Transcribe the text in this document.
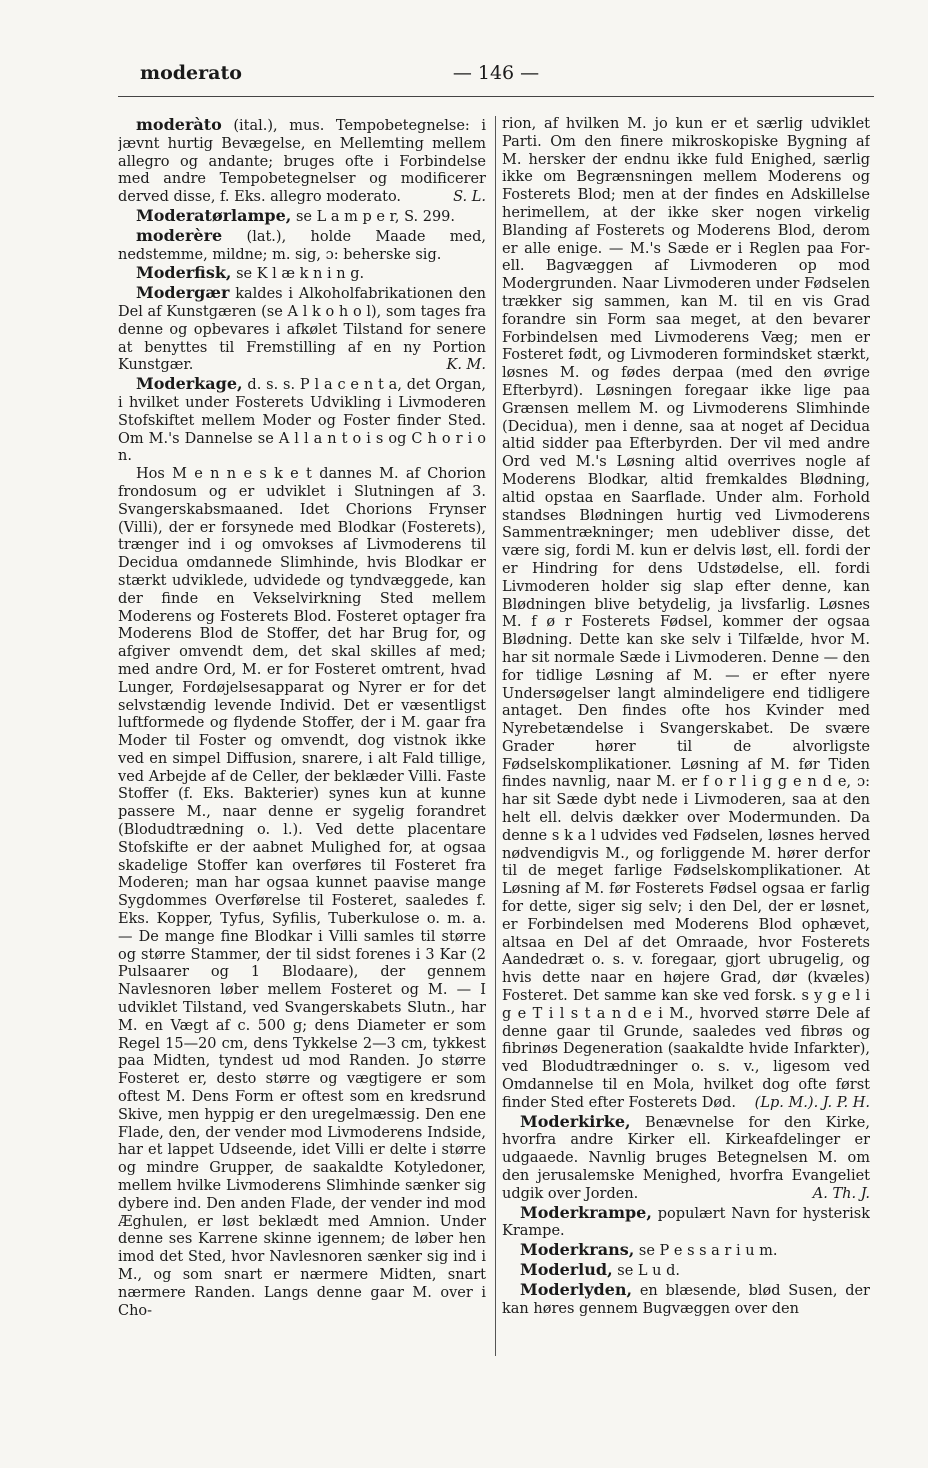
moderato	— 146 —

moderàto (ital.), mus. Tempobetegnelse: i jævnt hurtig Bevægelse, en Mellemting mellem allegro og andante; bruges ofte i Forbindelse med andre Tempobetegnelser og modificerer derved disse, f. Eks. allegro moderato.	S. L.

Moderatørlampe, se L a m p e r, S. 299.

moderère (lat.), holde Maade med, nedstemme, mildne; m. sig, ɔ: beherske sig.

Moderfisk, se K l æ k n i n g.

Modergær kaldes i Alkoholfabrikationen den Del af Kunstgæren (se A l k o h o l), som tages fra denne og opbevares i afkølet Tilstand for senere at benyttes til Fremstilling af en ny Portion Kunstgær.	K. M.

Moderkage, d. s. s. P l a c e n t a, det Organ, i hvilket under Fosterets Udvikling i Livmoderen Stofskiftet mellem Moder og Foster finder Sted. Om M.'s Dannelse se A l l a n t o i s og C h o r i o n.

Hos M e n n e s k e t dannes M. af Chorion frondosum og er udviklet i Slutningen af 3. Svangerskabsmaaned. Idet Chorions Frynser (Villi), der er forsynede med Blodkar (Fosterets), trænger ind i og omvokses af Livmoderens til Decidua omdannede Slimhinde, hvis Blodkar er stærkt udviklede, udvidede og tyndvæggede, kan der finde en Vekselvirkning Sted mellem Moderens og Fosterets Blod. Fosteret optager fra Moderens Blod de Stoffer, det har Brug for, og afgiver omvendt dem, det skal skilles af med; med andre Ord, M. er for Fosteret omtrent, hvad Lunger, Fordøjelsesapparat og Nyrer er for det selvstændig levende Individ. Det er væsentligst luftformede og flydende Stoffer, der i M. gaar fra Moder til Foster og omvendt, dog vistnok ikke ved en simpel Diffusion, snarere, i alt Fald tillige, ved Arbejde af de Celler, der beklæder Villi. Faste Stoffer (f. Eks. Bakterier) synes kun at kunne passere M., naar denne er sygelig forandret (Blodudtrædning o. l.). Ved dette placentare Stofskifte er der aabnet Mulighed for, at ogsaa skadelige Stoffer kan overføres til Fosteret fra Moderen; man har ogsaa kunnet paavise mange Sygdommes Overførelse til Fosteret, saaledes f. Eks. Kopper, Tyfus, Syfilis, Tuberkulose o. m. a. — De mange fine Blodkar i Villi samles til større og større Stammer, der til sidst forenes i 3 Kar (2 Pulsaarer og 1 Blodaare), der gennem Navlesnoren løber mellem Fosteret og M. — I udviklet Tilstand, ved Svangerskabets Slutn., har M. en Vægt af c. 500 g; dens Diameter er som Regel 15—20 cm, dens Tykkelse 2—3 cm, tykkest paa Midten, tyndest ud mod Randen. Jo større Fosteret er, desto større og vægtigere er som oftest M. Dens Form er oftest som en kredsrund Skive, men hyppig er den uregelmæssig. Den ene Flade, den, der vender mod Livmoderens Indside, har et lappet Udseende, idet Villi er delte i større og mindre Grupper, de saakaldte Kotyledoner, mellem hvilke Livmoderens Slimhinde sænker sig dybere ind. Den anden Flade, der vender ind mod Æghulen, er løst beklædt med Amnion. Under denne ses Karrene skinne igennem; de løber hen imod det Sted, hvor Navlesnoren sænker sig ind i M., og som snart er nærmere Midten, snart nærmere Randen. Langs denne gaar M. over i Cho-

rion, af hvilken M. jo kun er et særlig udviklet Parti. Om den finere mikroskopiske Bygning af M. hersker der endnu ikke fuld Enighed, særlig ikke om Begrænsningen mellem Moderens og Fosterets Blod; men at der findes en Adskillelse herimellem, at der ikke sker nogen virkelig Blanding af Fosterets og Moderens Blod, derom er alle enige. — M.'s Sæde er i Reglen paa For- ell. Bagvæggen af Livmoderen op mod Modergrunden. Naar Livmoderen under Fødselen trækker sig sammen, kan M. til en vis Grad forandre sin Form saa meget, at den bevarer Forbindelsen med Livmoderens Væg; men er Fosteret født, og Livmoderen formindsket stærkt, løsnes M. og fødes derpaa (med den øvrige Efterbyrd). Løsningen foregaar ikke lige paa Grænsen mellem M. og Livmoderens Slimhinde (Decidua), men i denne, saa at noget af Decidua altid sidder paa Efterbyrden. Der vil med andre Ord ved M.'s Løsning altid overrives nogle af Moderens Blodkar, altid fremkaldes Blødning, altid opstaa en Saarflade. Under alm. Forhold standses Blødningen hurtig ved Livmoderens Sammentrækninger; men udebliver disse, det være sig, fordi M. kun er delvis løst, ell. fordi der er Hindring for dens Udstødelse, ell. fordi Livmoderen holder sig slap efter denne, kan Blødningen blive betydelig, ja livsfarlig. Løsnes M. f ø r Fosterets Fødsel, kommer der ogsaa Blødning. Dette kan ske selv i Tilfælde, hvor M. har sit normale Sæde i Livmoderen. Denne — den for tidlige Løsning af M. — er efter nyere Undersøgelser langt almindeligere end tidligere antaget. Den findes ofte hos Kvinder med Nyrebetændelse i Svangerskabet. De svære Grader hører til de alvorligste Fødselskomplikationer. Løsning af M. før Tiden findes navnlig, naar M. er f o r l i g g e n d e, ɔ: har sit Sæde dybt nede i Livmoderen, saa at den helt ell. delvis dækker over Modermunden. Da denne s k a l udvides ved Fødselen, løsnes herved nødvendigvis M., og forliggende M. hører derfor til de meget farlige Fødselskomplikationer. At Løsning af M. før Fosterets Fødsel ogsaa er farlig for dette, siger sig selv; i den Del, der er løsnet, er Forbindelsen med Moderens Blod ophævet, altsaa en Del af det Omraade, hvor Fosterets Aandedræt o. s. v. foregaar, gjort ubrugelig, og hvis dette naar en højere Grad, dør (kvæles) Fosteret. Det samme kan ske ved forsk. s y g e l i g e T i l s t a n d e i M., hvorved større Dele af denne gaar til Grunde, saaledes ved fibrøs og fibrinøs Degeneration (saakaldte hvide Infarkter), ved Blodudtrædninger o. s. v., ligesom ved Omdannelse til en Mola, hvilket dog ofte først finder Sted efter Fosterets Død. (Lp. M.). J. P. H.

Moderkirke, Benævnelse for den Kirke, hvorfra andre Kirker ell. Kirkeafdelinger er udgaaede. Navnlig bruges Betegnelsen M. om den jerusalemske Menighed, hvorfra Evangeliet udgik over Jorden.	A. Th. J.

Moderkrampe, populært Navn for hysterisk Krampe.

Moderkrans, se P e s s a r i u m.

Moderlud, se L u d.

Moderlyden, en blæsende, blød Susen, der kan høres gennem Bugvæggen over den
